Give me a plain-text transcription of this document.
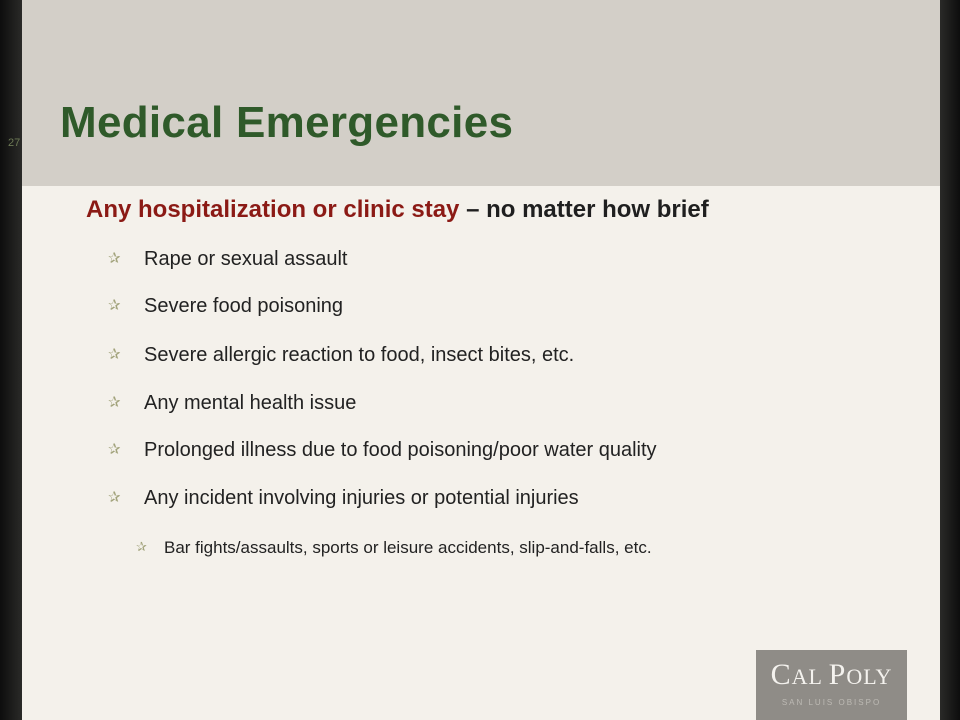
27 Medical Emergencies
Any hospitalization or clinic stay – no matter how brief
✰ Rape or sexual assault
✰ Severe food poisoning
✰ Severe allergic reaction to food, insect bites, etc.
✰ Any mental health issue
✰ Prolonged illness due to food poisoning/poor water quality
✰ Any incident involving injuries or potential injuries
✰ Bar fights/assaults, sports or leisure accidents, slip-and-falls, etc.
CAL POLY
SAN LUIS OBISPO
